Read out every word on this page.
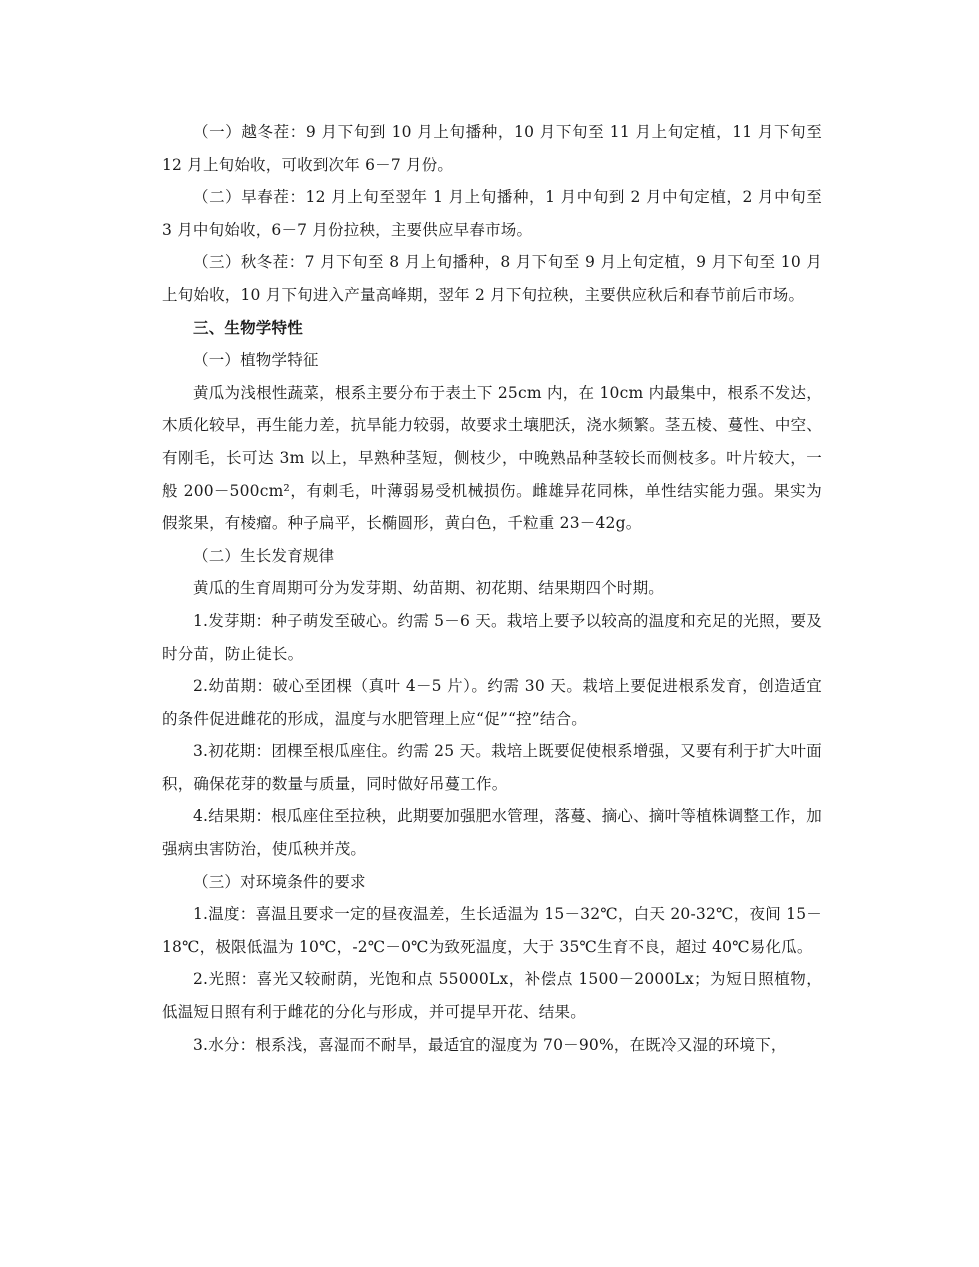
（一）越冬茬：9 月下旬到 10 月上旬播种，10 月下旬至 11 月上旬定植，11 月下旬至 12 月上旬始收，可收到次年 6－7 月份。

（二）早春茬：12 月上旬至翌年 1 月上旬播种，1 月中旬到 2 月中旬定植，2 月中旬至 3 月中旬始收，6－7 月份拉秧，主要供应早春市场。

（三）秋冬茬：7 月下旬至 8 月上旬播种，8 月下旬至 9 月上旬定植，9 月下旬至 10 月上旬始收，10 月下旬进入产量高峰期，翌年 2 月下旬拉秧，主要供应秋后和春节前后市场。

三、生物学特性

（一）植物学特征

黄瓜为浅根性蔬菜，根系主要分布于表土下 25cm 内，在 10cm 内最集中，根系不发达，木质化较早，再生能力差，抗旱能力较弱，故要求土壤肥沃，浇水频繁。茎五棱、蔓性、中空、有刚毛，长可达 3m 以上，早熟种茎短，侧枝少，中晚熟品种茎较长而侧枝多。叶片较大，一般 200－500cm²，有刺毛，叶薄弱易受机械损伤。雌雄异花同株，单性结实能力强。果实为假浆果，有棱瘤。种子扁平，长椭圆形，黄白色，千粒重 23－42g。

（二）生长发育规律

黄瓜的生育周期可分为发芽期、幼苗期、初花期、结果期四个时期。

1.发芽期：种子萌发至破心。约需 5－6 天。栽培上要予以较高的温度和充足的光照，要及时分苗，防止徒长。

2.幼苗期：破心至团棵（真叶 4－5 片）。约需 30 天。栽培上要促进根系发育，创造适宜的条件促进雌花的形成，温度与水肥管理上应“促”“控”结合。

3.初花期：团棵至根瓜座住。约需 25 天。栽培上既要促使根系增强，又要有利于扩大叶面积，确保花芽的数量与质量，同时做好吊蔓工作。

4.结果期：根瓜座住至拉秧，此期要加强肥水管理，落蔓、摘心、摘叶等植株调整工作，加强病虫害防治，使瓜秧并茂。

（三）对环境条件的要求

1.温度：喜温且要求一定的昼夜温差，生长适温为 15－32℃，白天 20-32℃，夜间 15－18℃，极限低温为 10℃，-2℃－0℃为致死温度，大于 35℃生育不良，超过 40℃易化瓜。

2.光照：喜光又较耐荫，光饱和点 55000Lx，补偿点 1500－2000Lx；为短日照植物，低温短日照有利于雌花的分化与形成，并可提早开花、结果。

3.水分：根系浅，喜湿而不耐旱，最适宜的湿度为 70－90%，在既冷又湿的环境下，
